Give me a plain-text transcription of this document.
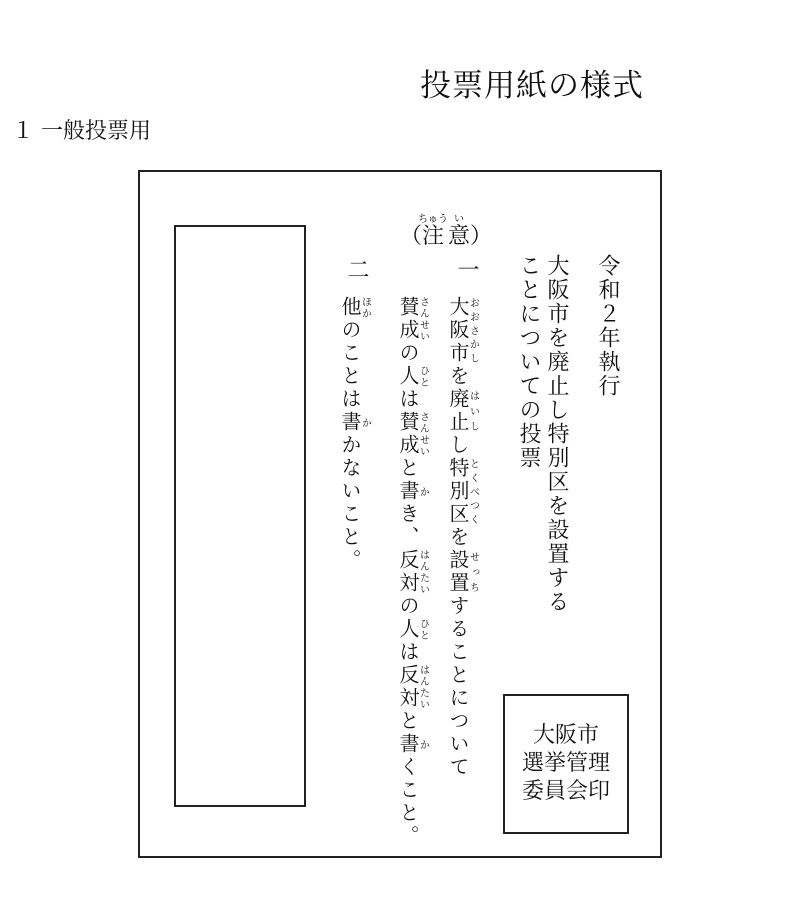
投票用紙の様式
１ 一般投票用
令和２年執行
大阪市を廃止し特別区を設置する
ことについての投票
（注ちゅう意い）
一
大阪市おおさかしを廃止はいしし特別区とくべつくを設置せっちすることについて
賛成さんせいの人ひとは賛成さんせいと書かき、反対はんたいの人ひとは反対はんたいと書かくこと。
二
他ほかのことは書かかないこと。
大阪市
選挙管理
委員会印
